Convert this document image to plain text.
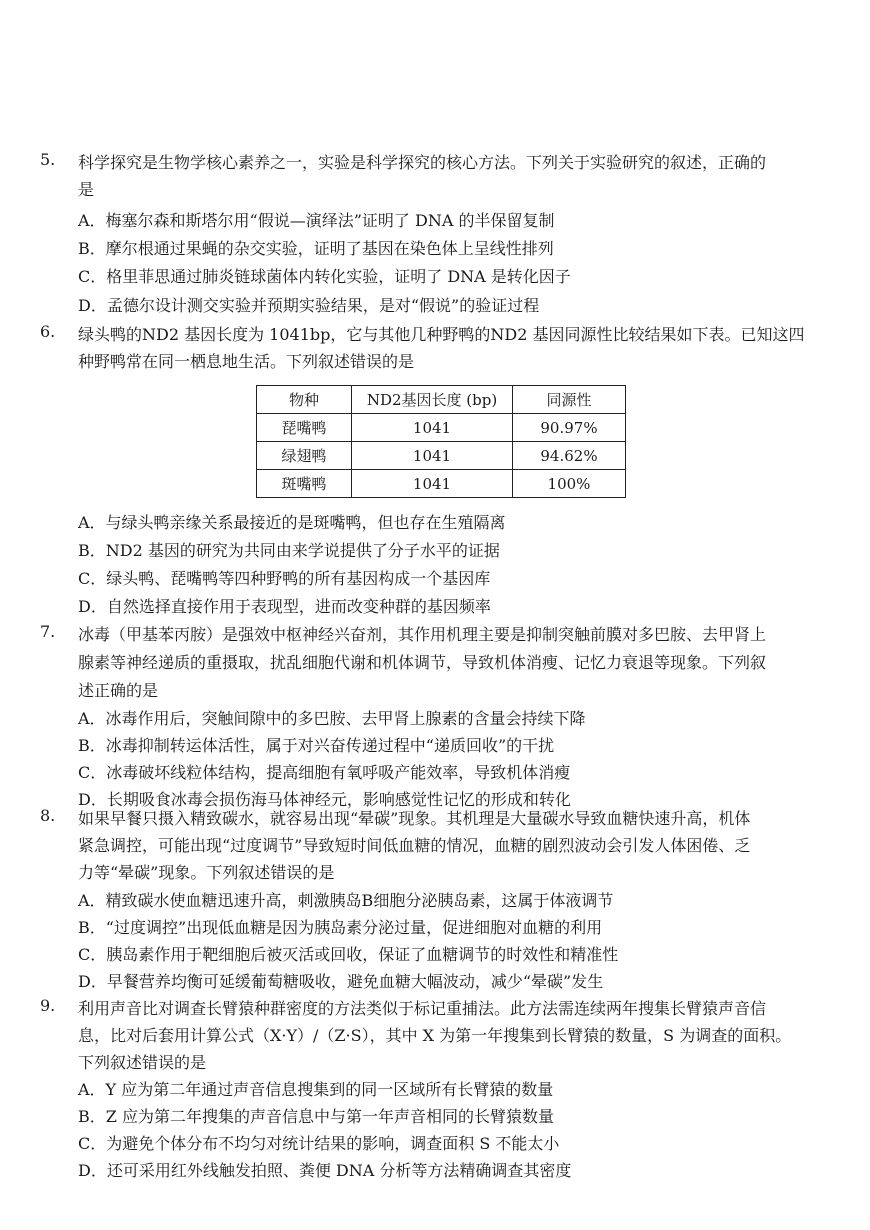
5. 科学探究是生物学核心素养之一，实验是科学探究的核心方法。下列关于实验研究的叙述，正确的
是
A．梅塞尔森和斯塔尔用“假说—演绎法”证明了 DNA 的半保留复制
B．摩尔根通过果蝇的杂交实验，证明了基因在染色体上呈线性排列
C．格里菲思通过肺炎链球菌体内转化实验，证明了 DNA 是转化因子
D．孟德尔设计测交实验并预期实验结果，是对“假说”的验证过程
6. 绿头鸭的ND2 基因长度为 1041bp，它与其他几种野鸭的ND2 基因同源性比较结果如下表。已知这四
种野鸭常在同一栖息地生活。下列叙述错误的是
物种	ND2基因长度 (bp)	同源性
琵嘴鸭	1041	90.97%
绿翅鸭	1041	94.62%
斑嘴鸭	1041	100%
A．与绿头鸭亲缘关系最接近的是斑嘴鸭，但也存在生殖隔离
B．ND2 基因的研究为共同由来学说提供了分子水平的证据
C．绿头鸭、琵嘴鸭等四种野鸭的所有基因构成一个基因库
D．自然选择直接作用于表现型，进而改变种群的基因频率
7. 冰毒（甲基苯丙胺）是强效中枢神经兴奋剂，其作用机理主要是抑制突触前膜对多巴胺、去甲肾上
腺素等神经递质的重摄取，扰乱细胞代谢和机体调节，导致机体消瘦、记忆力衰退等现象。下列叙
述正确的是
A．冰毒作用后，突触间隙中的多巴胺、去甲肾上腺素的含量会持续下降
B．冰毒抑制转运体活性，属于对兴奋传递过程中“递质回收”的干扰
C．冰毒破坏线粒体结构，提高细胞有氧呼吸产能效率，导致机体消瘦
D．长期吸食冰毒会损伤海马体神经元，影响感觉性记忆的形成和转化
8. 如果早餐只摄入精致碳水，就容易出现“晕碳”现象。其机理是大量碳水导致血糖快速升高，机体
紧急调控，可能出现“过度调节”导致短时间低血糖的情况，血糖的剧烈波动会引发人体困倦、乏
力等“晕碳”现象。下列叙述错误的是
A．精致碳水使血糖迅速升高，刺激胰岛B细胞分泌胰岛素，这属于体液调节
B．“过度调控”出现低血糖是因为胰岛素分泌过量，促进细胞对血糖的利用
C．胰岛素作用于靶细胞后被灭活或回收，保证了血糖调节的时效性和精准性
D．早餐营养均衡可延缓葡萄糖吸收，避免血糖大幅波动，减少“晕碳”发生
9. 利用声音比对调查长臂猿种群密度的方法类似于标记重捕法。此方法需连续两年搜集长臂猿声音信
息，比对后套用计算公式（X·Y）/（Z·S），其中 X 为第一年搜集到长臂猿的数量，S 为调查的面积。
下列叙述错误的是
A．Y 应为第二年通过声音信息搜集到的同一区域所有长臂猿的数量
B．Z 应为第二年搜集的声音信息中与第一年声音相同的长臂猿数量
C．为避免个体分布不均匀对统计结果的影响，调查面积 S 不能太小
D．还可采用红外线触发拍照、粪便 DNA 分析等方法精确调查其密度
